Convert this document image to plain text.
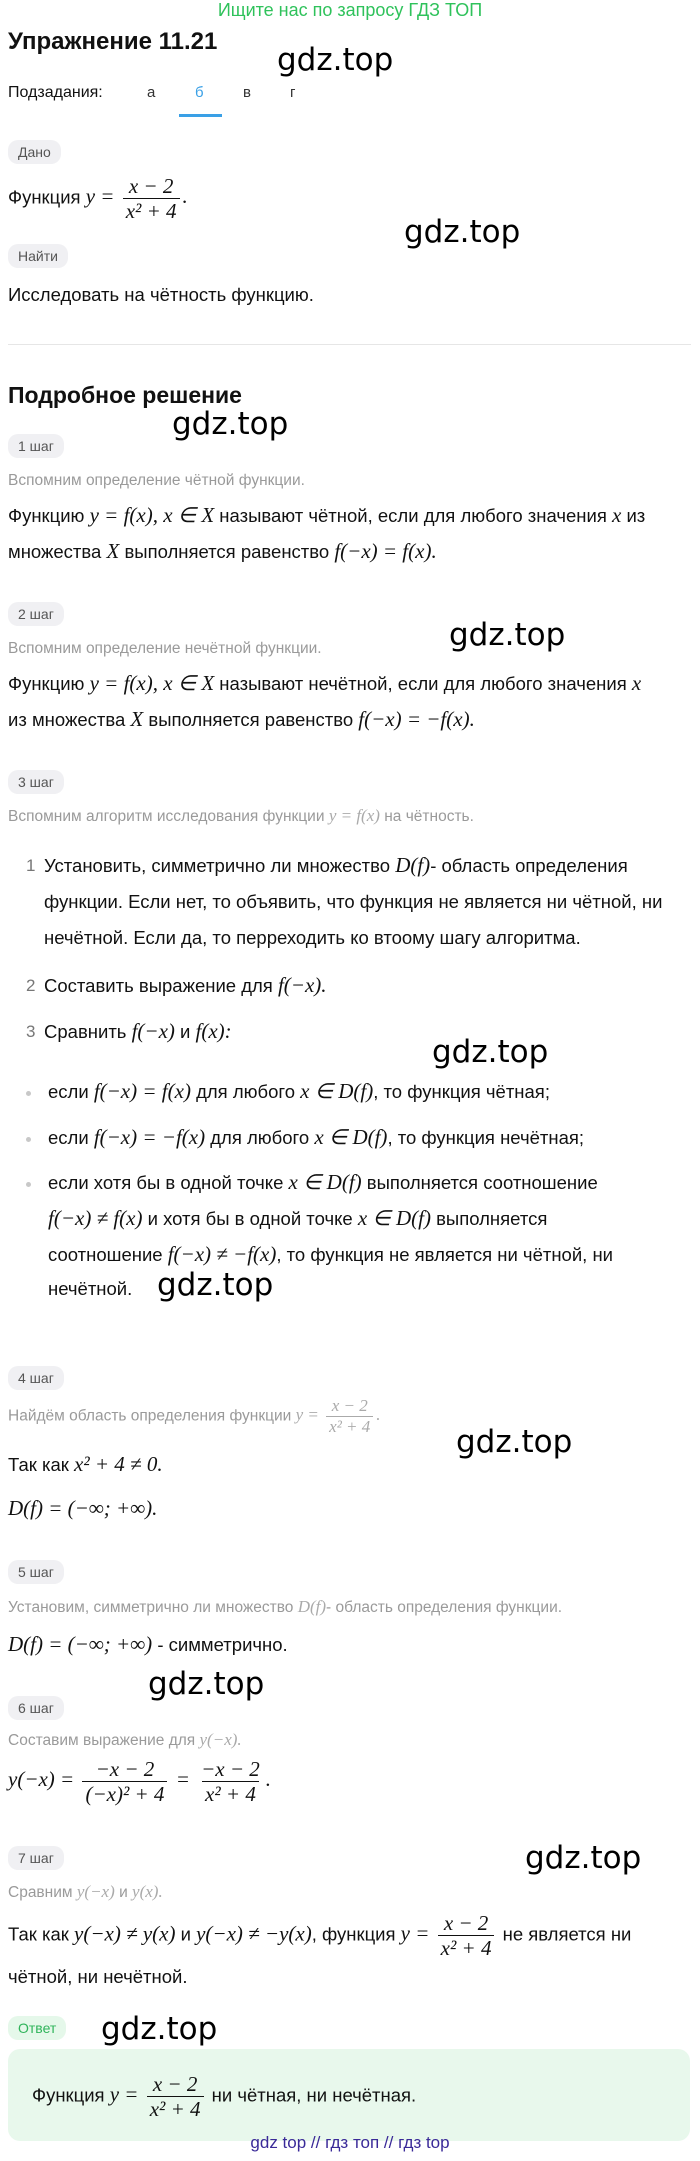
Ищите нас по запросу ГДЗ ТОП
Упражнение 11.21
Подзадания:	а	б	в	г
Дано
Функция $y = \frac{x - 2}{\text{x² + 4}}$ .
Найти
Исследовать на чётность функцию.
Подробное решение
1 шаг
Вспомним определение чётной функции.
Функцию y = f(x), x ∈ X называют чётной, если для любого значения x из
множества X выполняется равенство f(−x) = f(x).
2 шаг
Вспомним определение нечётной функции.
Функцию y = f(x), x ∈ X называют нечётной, если для любого значения x
из множества X выполняется равенство f(−x) = −f(x).
3 шаг
Вспомним алгоритм исследования функции y = f(x) на чётность.
1 Установить, симметрично ли множество D(f)- область определения
функции. Если нет, то объявить, что функция не является ни чётной, ни
нечётной. Если да, то перреходить ко втоому шагу алгоритма.
2 Составить выражение для f(−x).
3 Сравнить f(−x) и f(x):
если f(−x) = f(x) для любого x ∈ D(f), то функция чётная;
если f(−x) = −f(x) для любого x ∈ D(f), то функция нечётная;
если хотя бы в одной точке x ∈ D(f) выполняется соотношение
f(−x) ≠ f(x) и хотя бы в одной точке x ∈ D(f) выполняется
соотношение f(−x) ≠ −f(x), то функция не является ни чётной, ни
нечётной.
4 шаг
Найдём область определения функции $y = \frac{x - 2}{\text{x² + 4}}$ .
Так как x² + 4 ≠ 0.
D(f) = (−∞; +∞).
5 шаг
Установим, симметрично ли множество D(f)- область определения функции.
D(f) = (−∞; +∞) - симметрично.
6 шаг
Составим выражение для y(−x).
$y(-x) = \frac{-x - 2}{\text{(−x)² + 4}} = \frac{-x - 2}{\text{x² + 4}}$ .
7 шаг
Сравним y(−x) и y(x).
Так как y(−x) ≠ y(x) и y(−x) ≠ −y(x), функция $y = \frac{x - 2}{\text{x² + 4}}$ не является ни
чётной, ни нечётной.
Ответ
Функция $y = \frac{x - 2}{\text{x² + 4}}$ ни чётная, ни нечётная.
gdz.top
gdz.top
gdz.top
gdz.top
gdz.top
gdz.top
gdz.top
gdz.top
gdz.top
gdz.top
gdz top // гдз топ // гдз top
